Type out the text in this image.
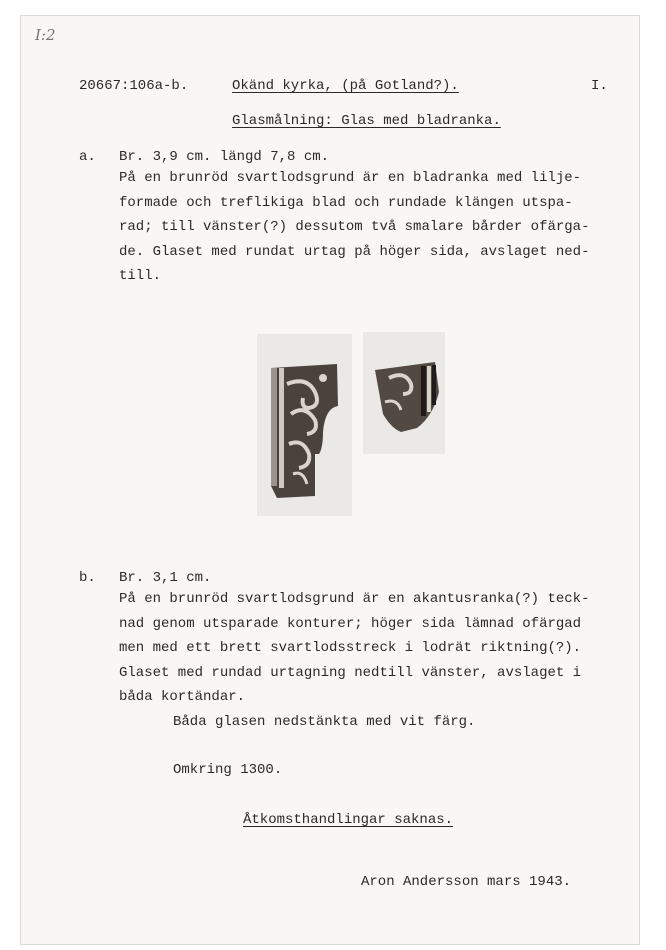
I:2
20667:106a-b.	Okänd kyrka, (på Gotland?).	I.
Glasmålning: Glas med bladranka.
a. Br. 3,9 cm. längd 7,8 cm.
På en brunröd svartlodsgrund är en bladranka med lilje-
formade och treflikiga blad och rundade klängen utspa-
rad; till vänster(?) dessutom två smalare bårder ofärga-
de. Glaset med rundat urtag på höger sida, avslaget ned-
till.
b. Br. 3,1 cm.
På en brunröd svartlodsgrund är en akantusranka(?) teck-
nad genom utsparade konturer; höger sida lämnad ofärgad
men med ett brett svartlodsstreck i lodrät riktning(?).
Glaset med rundad urtagning nedtill vänster, avslaget i
båda kortändar.
Båda glasen nedstänkta med vit färg.
Omkring 1300.
Åtkomsthandlingar saknas.
Aron Andersson mars 1943.
